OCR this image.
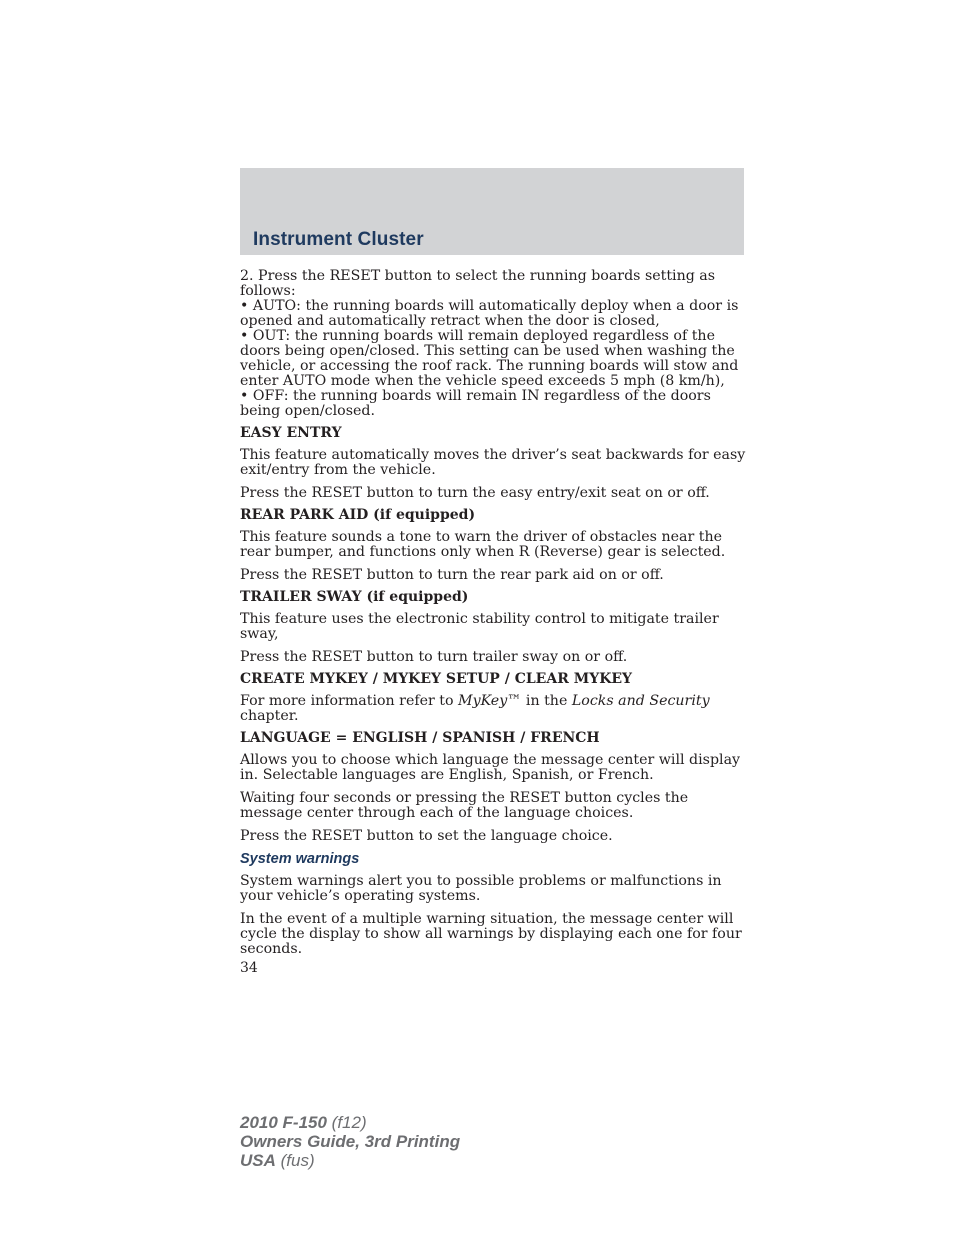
Instrument Cluster

2. Press the RESET button to select the running boards setting as follows:

• AUTO: the running boards will automatically deploy when a door is opened and automatically retract when the door is closed,

• OUT: the running boards will remain deployed regardless of the doors being open/closed. This setting can be used when washing the vehicle, or accessing the roof rack. The running boards will stow and enter AUTO mode when the vehicle speed exceeds 5 mph (8 km/h),

• OFF: the running boards will remain IN regardless of the doors being open/closed.

EASY ENTRY

This feature automatically moves the driver’s seat backwards for easy exit/entry from the vehicle.

Press the RESET button to turn the easy entry/exit seat on or off.

REAR PARK AID (if equipped)

This feature sounds a tone to warn the driver of obstacles near the rear bumper, and functions only when R (Reverse) gear is selected.

Press the RESET button to turn the rear park aid on or off.

TRAILER SWAY (if equipped)

This feature uses the electronic stability control to mitigate trailer sway,

Press the RESET button to turn trailer sway on or off.

CREATE MYKEY / MYKEY SETUP / CLEAR MYKEY

For more information refer to MyKey™ in the Locks and Security chapter.

LANGUAGE = ENGLISH / SPANISH / FRENCH

Allows you to choose which language the message center will display in. Selectable languages are English, Spanish, or French.

Waiting four seconds or pressing the RESET button cycles the message center through each of the language choices.

Press the RESET button to set the language choice.

System warnings

System warnings alert you to possible problems or malfunctions in your vehicle’s operating systems.

In the event of a multiple warning situation, the message center will cycle the display to show all warnings by displaying each one for four seconds.

34

2010 F-150 (f12)
Owners Guide, 3rd Printing
USA (fus)
